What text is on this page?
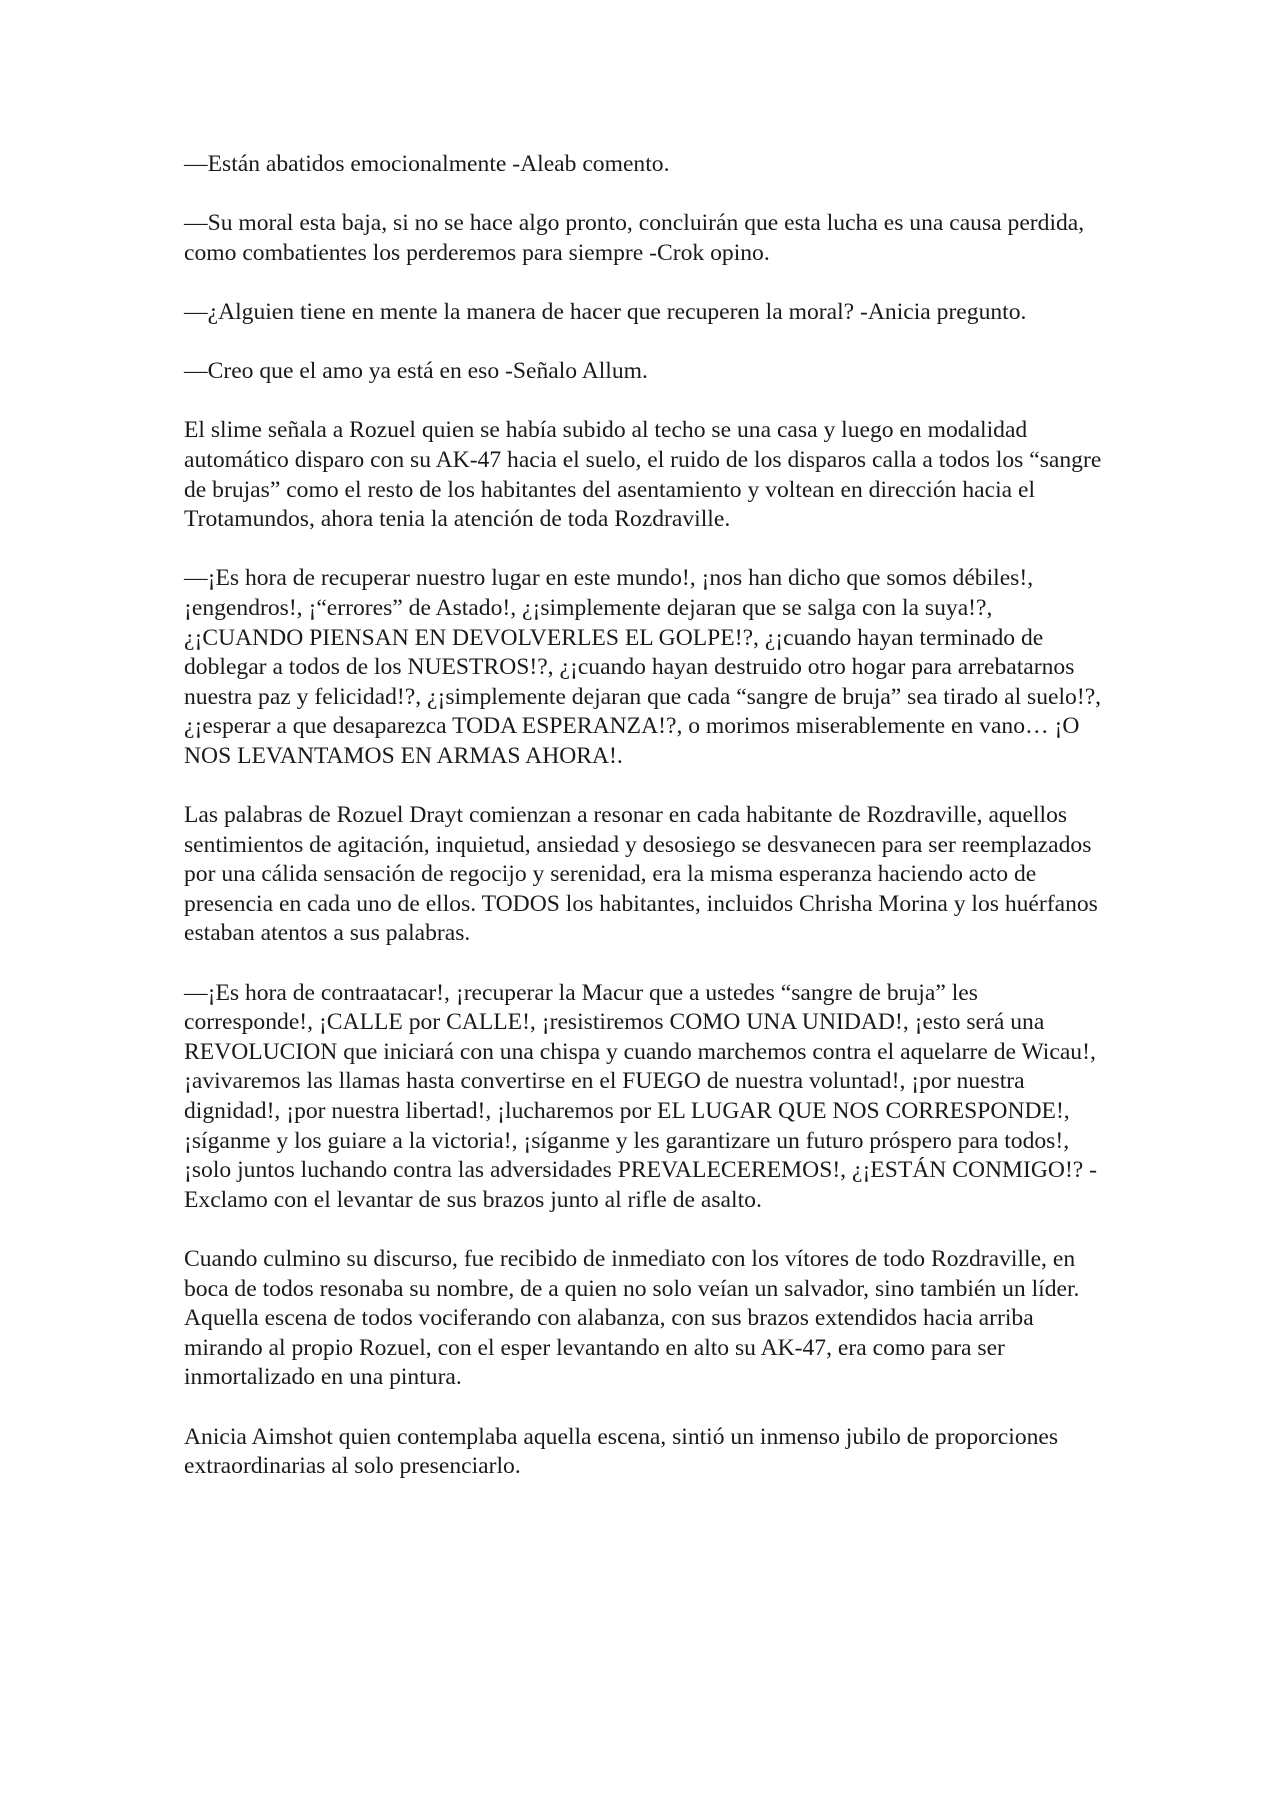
—Están abatidos emocionalmente -Aleab comento.

—Su moral esta baja, si no se hace algo pronto, concluirán que esta lucha es una causa perdida, como combatientes los perderemos para siempre -Crok opino.

—¿Alguien tiene en mente la manera de hacer que recuperen la moral? -Anicia pregunto.

—Creo que el amo ya está en eso -Señalo Allum.

El slime señala a Rozuel quien se había subido al techo se una casa y luego en modalidad automático disparo con su AK-47 hacia el suelo, el ruido de los disparos calla a todos los “sangre de brujas” como el resto de los habitantes del asentamiento y voltean en dirección hacia el Trotamundos, ahora tenia la atención de toda Rozdraville.

—¡Es hora de recuperar nuestro lugar en este mundo!, ¡nos han dicho que somos débiles!, ¡engendros!, ¡“errores” de Astado!, ¿¡simplemente dejaran que se salga con la suya!?, ¿¡CUANDO PIENSAN EN DEVOLVERLES EL GOLPE!?, ¿¡cuando hayan terminado de doblegar a todos de los NUESTROS!?, ¿¡cuando hayan destruido otro hogar para arrebatarnos nuestra paz y felicidad!?, ¿¡simplemente dejaran que cada “sangre de bruja” sea tirado al suelo!?, ¿¡esperar a que desaparezca TODA ESPERANZA!?, o morimos miserablemente en vano… ¡O NOS LEVANTAMOS EN ARMAS AHORA!.

Las palabras de Rozuel Drayt comienzan a resonar en cada habitante de Rozdraville, aquellos sentimientos de agitación, inquietud, ansiedad y desosiego se desvanecen para ser reemplazados por una cálida sensación de regocijo y serenidad, era la misma esperanza haciendo acto de presencia en cada uno de ellos. TODOS los habitantes, incluidos Chrisha Morina y los huérfanos estaban atentos a sus palabras.

—¡Es hora de contraatacar!, ¡recuperar la Macur que a ustedes “sangre de bruja” les corresponde!, ¡CALLE por CALLE!, ¡resistiremos COMO UNA UNIDAD!, ¡esto será una REVOLUCION que iniciará con una chispa y cuando marchemos contra el aquelarre de Wicau!, ¡avivaremos las llamas hasta convertirse en el FUEGO de nuestra voluntad!, ¡por nuestra dignidad!, ¡por nuestra libertad!, ¡lucharemos por EL LUGAR QUE NOS CORRESPONDE!, ¡síganme y los guiare a la victoria!, ¡síganme y les garantizare un futuro próspero para todos!, ¡solo juntos luchando contra las adversidades PREVALECEREMOS!, ¿¡ESTÁN CONMIGO!? -Exclamo con el levantar de sus brazos junto al rifle de asalto.

Cuando culmino su discurso, fue recibido de inmediato con los vítores de todo Rozdraville, en boca de todos resonaba su nombre, de a quien no solo veían un salvador, sino también un líder. Aquella escena de todos vociferando con alabanza, con sus brazos extendidos hacia arriba mirando al propio Rozuel, con el esper levantando en alto su AK-47, era como para ser inmortalizado en una pintura.

Anicia Aimshot quien contemplaba aquella escena, sintió un inmenso jubilo de proporciones extraordinarias al solo presenciarlo.
